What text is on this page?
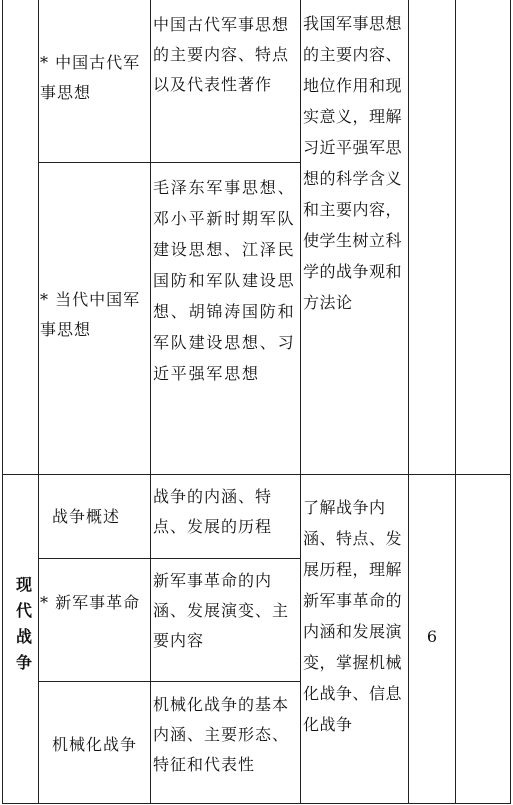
现代战争
* 中国古代军事思想
* 当代中国军事思想
战争概述
* 新军事革命
机械化战争
中国古代军事思想的主要内容、特点以及代表性著作
毛泽东军事思想、邓小平新时期军队建设思想、江泽民国防和军队建设思想、胡锦涛国防和军队建设思想、习近平强军思想
战争的内涵、特点、发展的历程
新军事革命的内涵、发展演变、主要内容
机械化战争的基本内涵、主要形态、特征和代表性
我国军事思想的主要内容、地位作用和现实意义，理解习近平强军思想的科学含义和主要内容，使学生树立科学的战争观和方法论
了解战争内涵、特点、发展历程，理解新军事革命的内涵和发展演变，掌握机械化战争、信息化战争
6
